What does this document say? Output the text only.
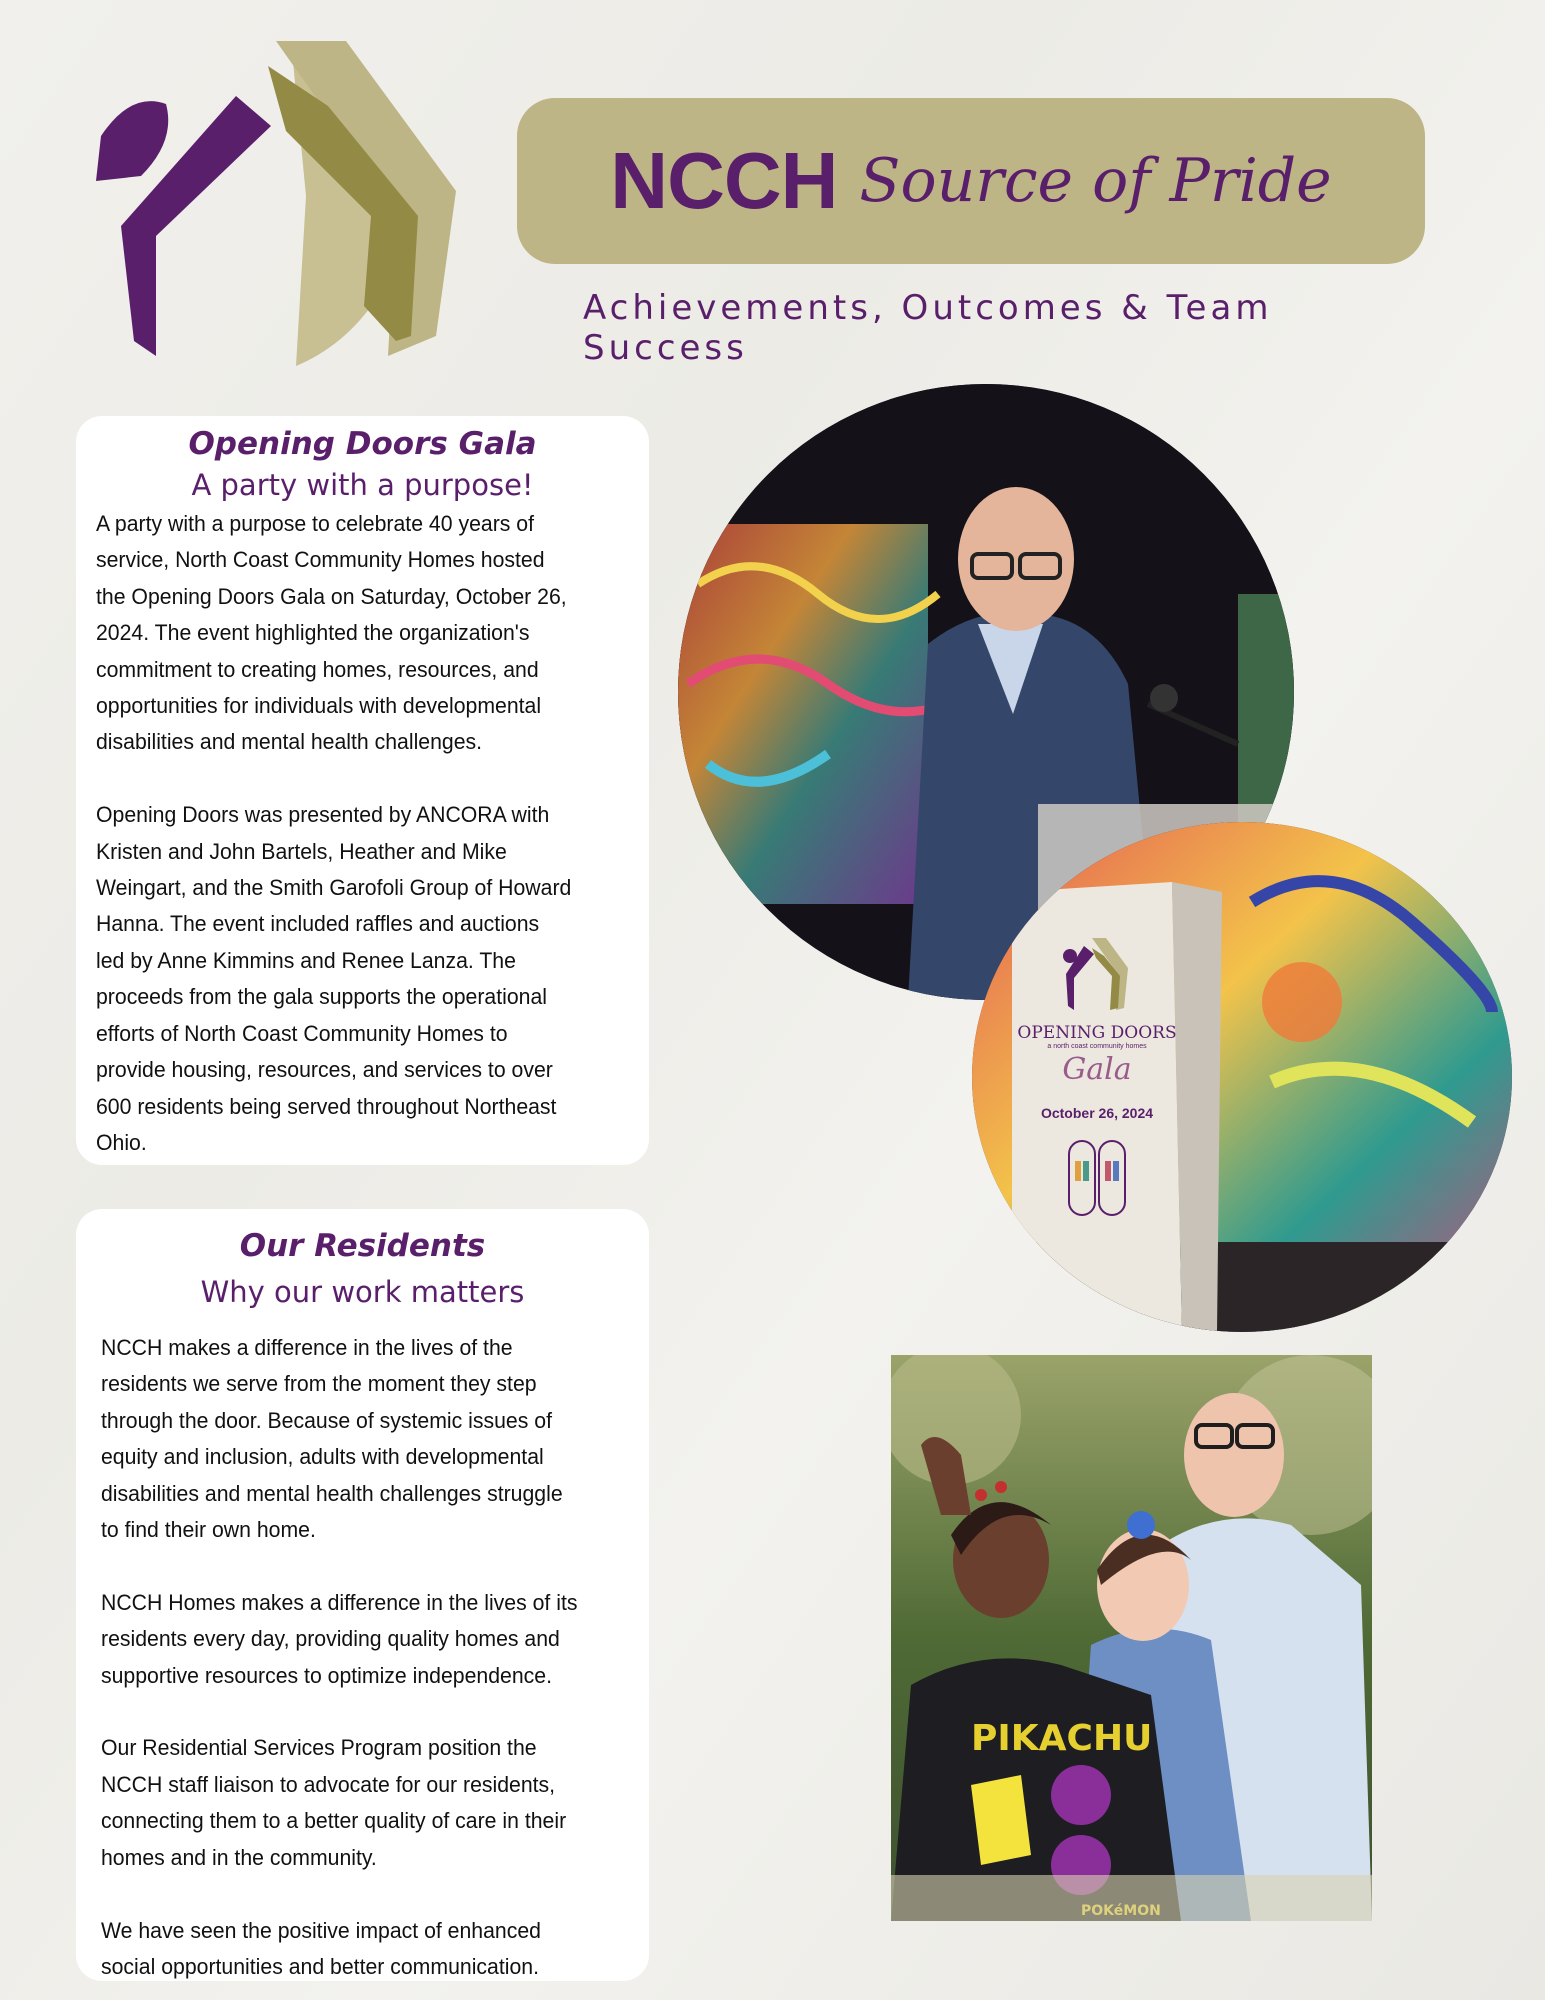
NCCH Source of Pride
Achievements, Outcomes & Team Success
Opening Doors Gala
A party with a purpose!
A party with a purpose to celebrate 40 years of
service, North Coast Community Homes hosted
the Opening Doors Gala on Saturday, October 26,
2024. The event highlighted the organization's
commitment to creating homes, resources, and
opportunities for individuals with developmental
disabilities and mental health challenges.

Opening Doors was presented by ANCORA with
Kristen and John Bartels, Heather and Mike
Weingart, and the Smith Garofoli Group of Howard
Hanna. The event included raffles and auctions
led by Anne Kimmins and Renee Lanza. The
proceeds from the gala supports the operational
efforts of North Coast Community Homes to
provide housing, resources, and services to over
600 residents being served throughout Northeast
Ohio.
Our Residents
Why our work matters
NCCH makes a difference in the lives of the
residents we serve from the moment they step
through the door. Because of systemic issues of
equity and inclusion, adults with developmental
disabilities and mental health challenges struggle
to find their own home.

NCCH Homes makes a difference in the lives of its
residents every day, providing quality homes and
supportive resources to optimize independence.

Our Residential Services Program position the
NCCH staff liaison to advocate for our residents,
connecting them to a better quality of care in their
homes and in the community.

We have seen the positive impact of enhanced
social opportunities and better communication.
OPENING DOORS
a north coast community homes
Gala
October 26, 2024
PIKACHU
